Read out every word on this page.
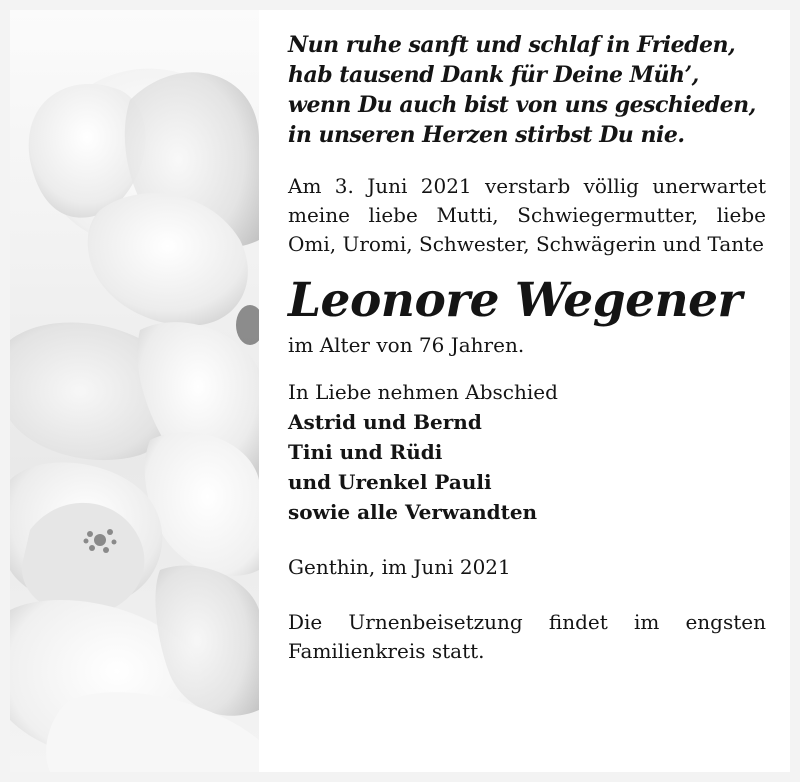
Nun ruhe sanft und schlaf in Frieden,
hab tausend Dank für Deine Müh’,
wenn Du auch bist von uns geschieden,
in unseren Herzen stirbst Du nie.

Am 3. Juni 2021 verstarb völlig unerwartet meine liebe Mutti, Schwiegermutter, liebe Omi, Uromi, Schwester, Schwägerin und Tante

Leonore Wegener

im Alter von 76 Jahren.

In Liebe nehmen Abschied

Astrid und Bernd
Tini und Rüdi
und Urenkel Pauli
sowie alle Verwandten

Genthin, im Juni 2021

Die Urnenbeisetzung findet im engsten Familienkreis statt.
